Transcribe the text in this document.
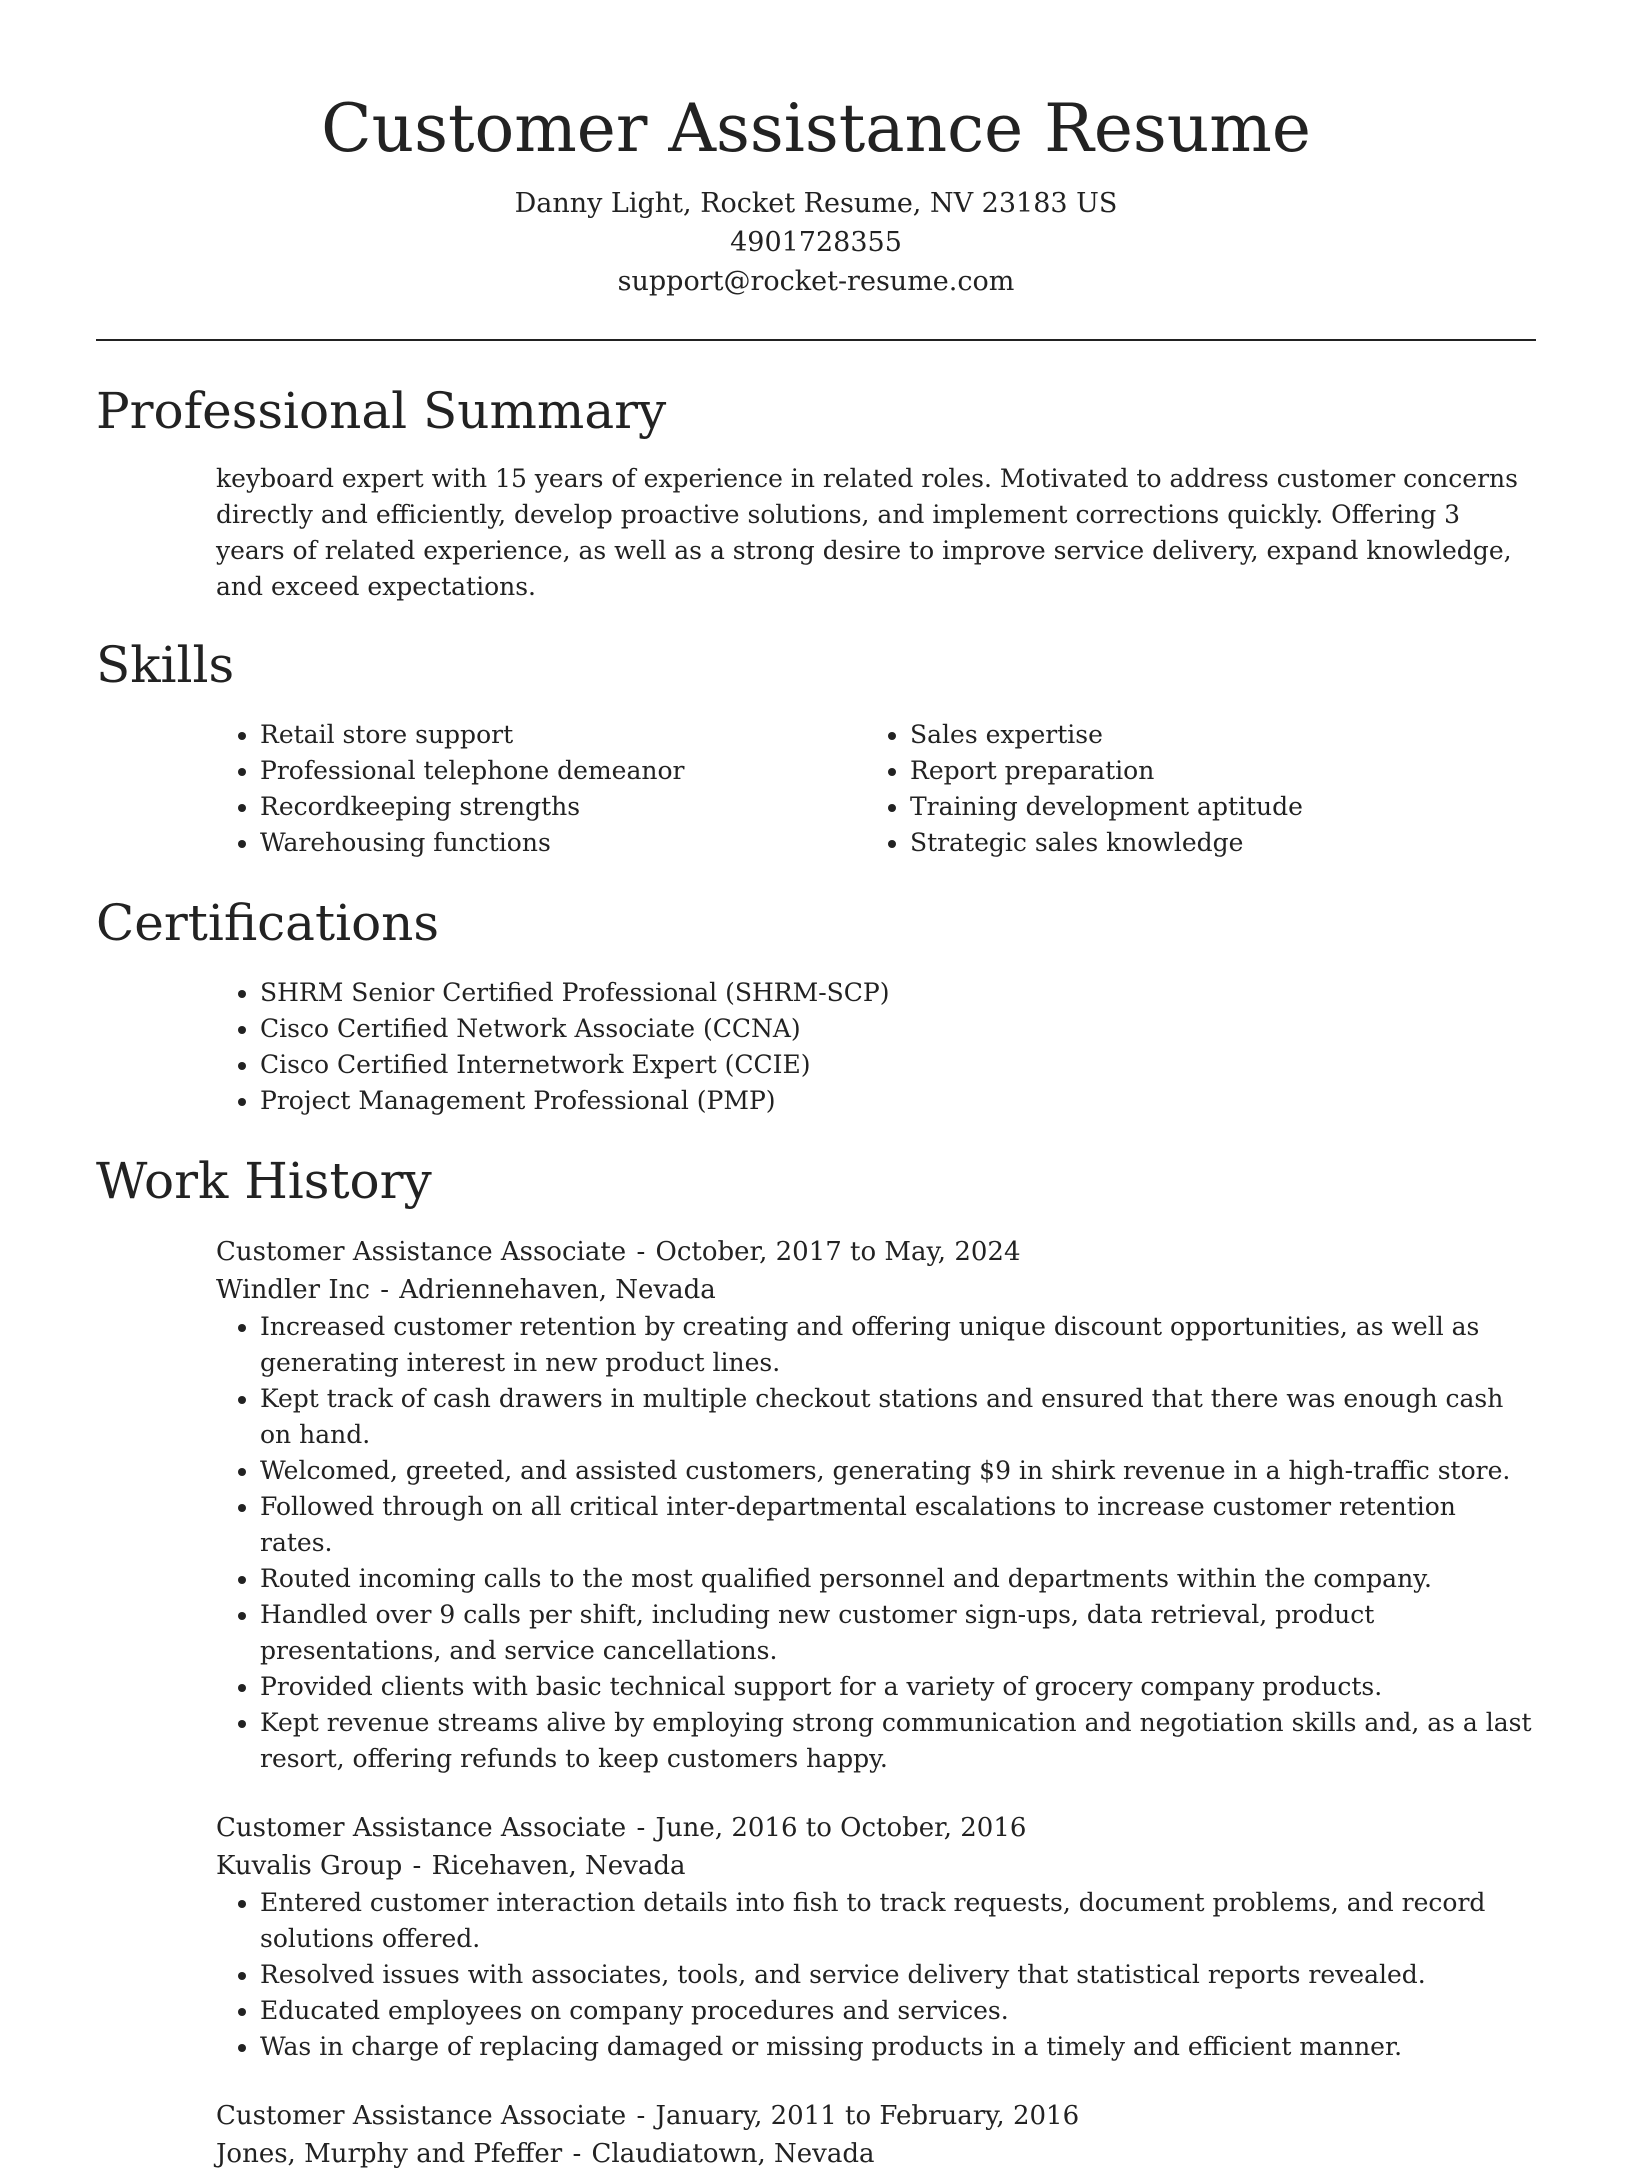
Customer Assistance Resume
Danny Light, Rocket Resume, NV 23183 US
4901728355
support@rocket-resume.com
Professional Summary

keyboard expert with 15 years of experience in related roles. Motivated to address customer concerns directly and efficiently, develop proactive solutions, and implement corrections quickly. Offering 3 years of related experience, as well as a strong desire to improve service delivery, expand knowledge, and exceed expectations.

Skills
• Retail store support
• Professional telephone demeanor
• Recordkeeping strengths
• Warehousing functions
• Sales expertise
• Report preparation
• Training development aptitude
• Strategic sales knowledge
Certifications
• SHRM Senior Certified Professional (SHRM-SCP)
• Cisco Certified Network Associate (CCNA)
• Cisco Certified Internetwork Expert (CCIE)
• Project Management Professional (PMP)
Work History
Customer Assistance Associate - October, 2017 to May, 2024
Windler Inc - Adriennehaven, Nevada
• Increased customer retention by creating and offering unique discount opportunities, as well as generating interest in new product lines.
• Kept track of cash drawers in multiple checkout stations and ensured that there was enough cash on hand.
• Welcomed, greeted, and assisted customers, generating $9 in shirk revenue in a high-traffic store.
• Followed through on all critical inter-departmental escalations to increase customer retention rates.
• Routed incoming calls to the most qualified personnel and departments within the company.
• Handled over 9 calls per shift, including new customer sign-ups, data retrieval, product presentations, and service cancellations.
• Provided clients with basic technical support for a variety of grocery company products.
• Kept revenue streams alive by employing strong communication and negotiation skills and, as a last resort, offering refunds to keep customers happy.
Customer Assistance Associate - June, 2016 to October, 2016
Kuvalis Group - Ricehaven, Nevada
• Entered customer interaction details into fish to track requests, document problems, and record solutions offered.
• Resolved issues with associates, tools, and service delivery that statistical reports revealed.
• Educated employees on company procedures and services.
• Was in charge of replacing damaged or missing products in a timely and efficient manner.
Customer Assistance Associate - January, 2011 to February, 2016
Jones, Murphy and Pfeffer - Claudiatown, Nevada
